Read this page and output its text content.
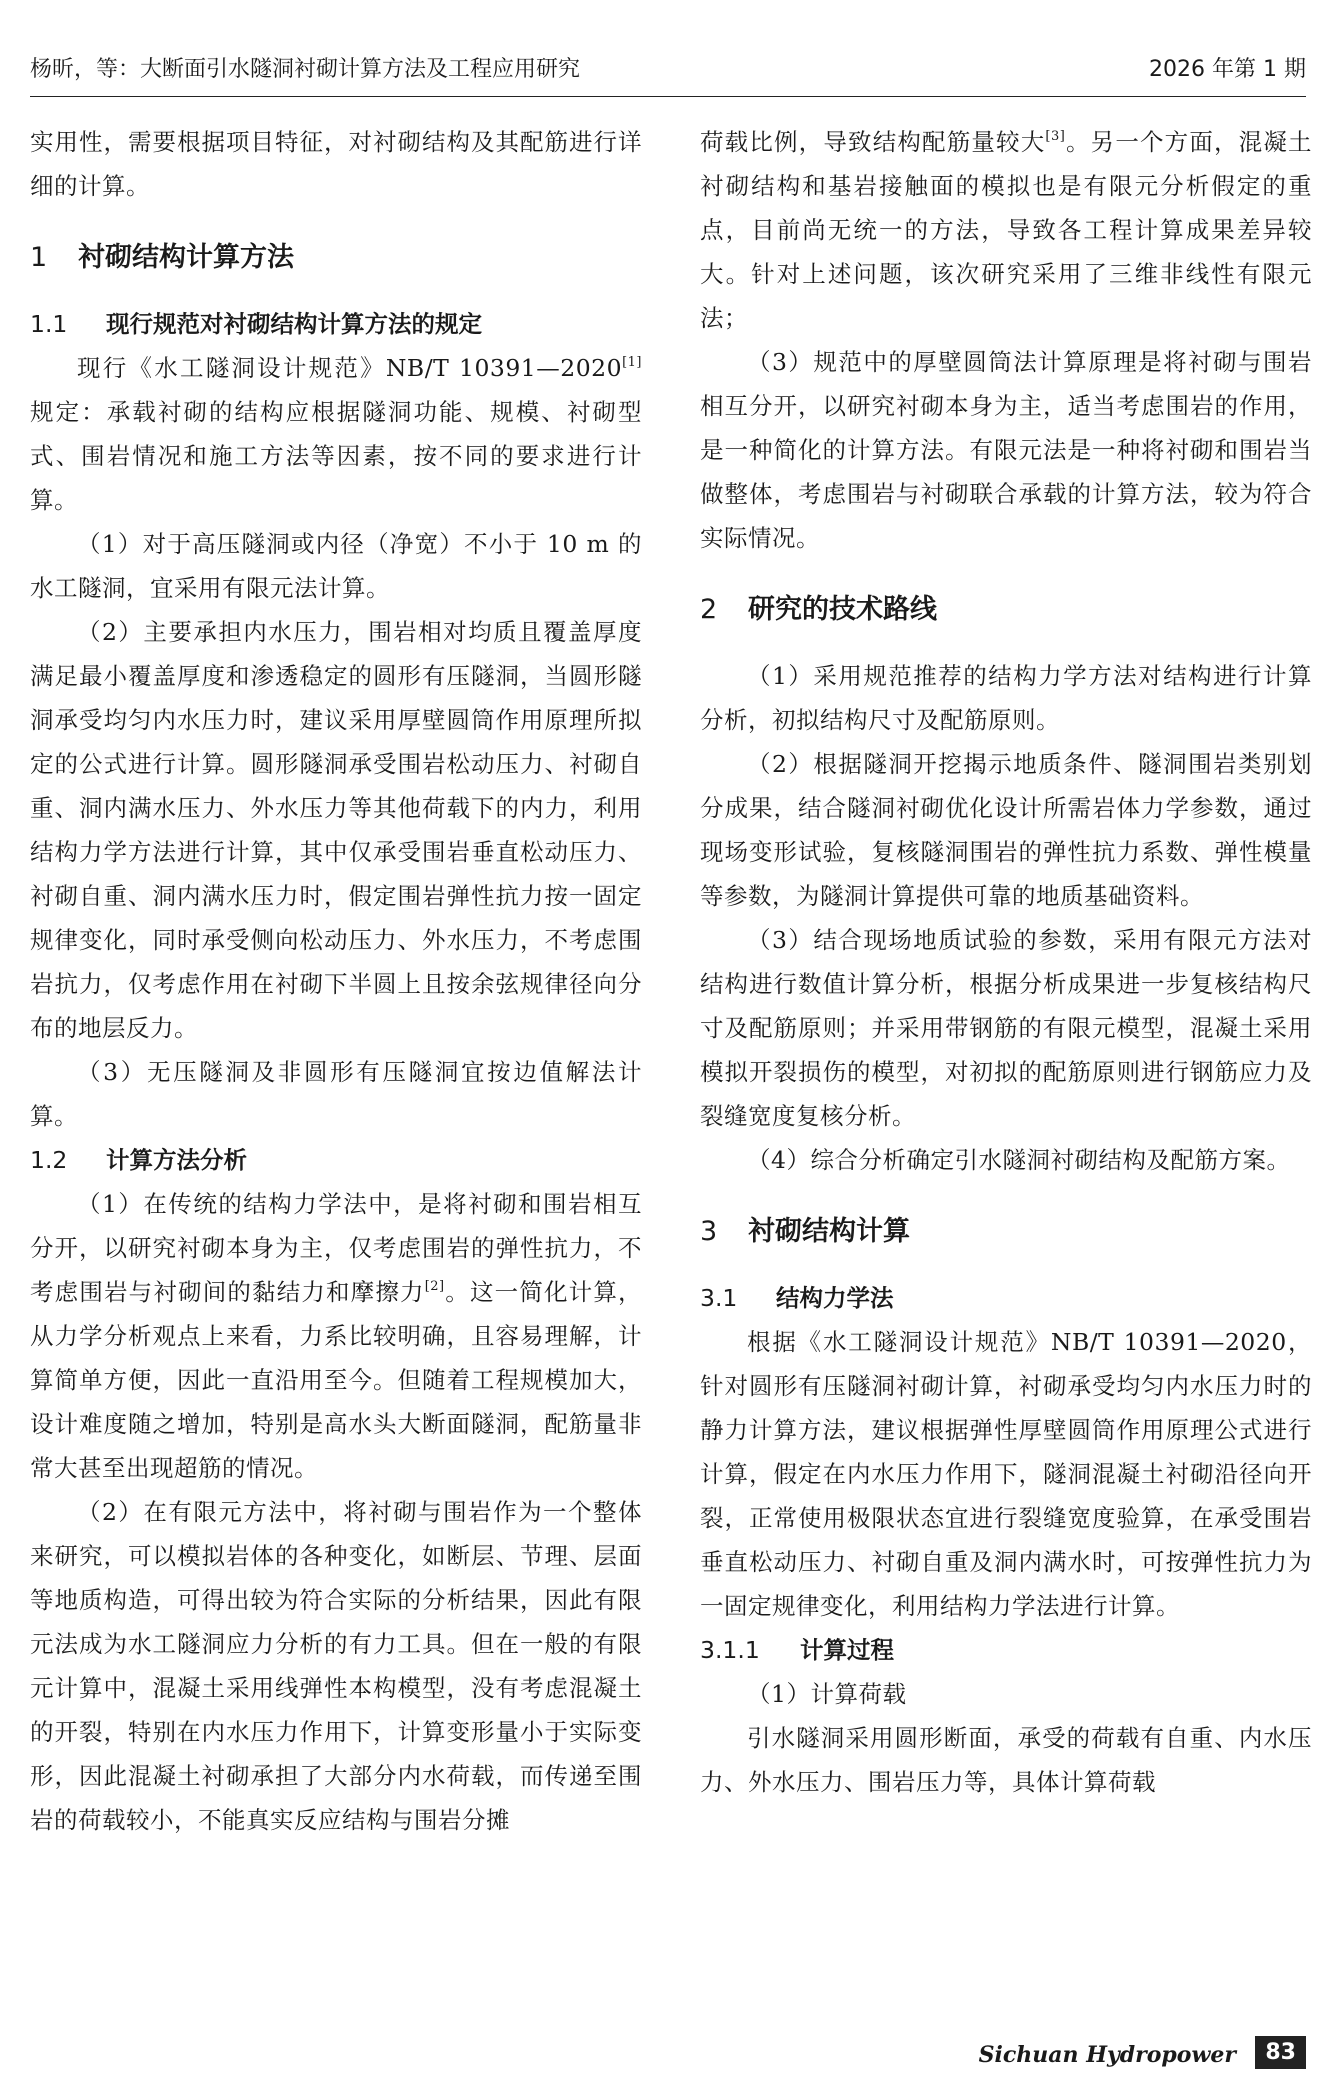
杨昕，等：大断面引水隧洞衬砌计算方法及工程应用研究	2026 年第 1 期

实用性，需要根据项目特征，对衬砌结构及其配筋进行详细的计算。

1 衬砌结构计算方法
1.1 现行规范对衬砌结构计算方法的规定

现行《水工隧洞设计规范》NB/T 10391—2020[1]规定：承载衬砌的结构应根据隧洞功能、规模、衬砌型式、围岩情况和施工方法等因素，按不同的要求进行计算。

（1）对于高压隧洞或内径（净宽）不小于 10 m 的水工隧洞，宜采用有限元法计算。

（2）主要承担内水压力，围岩相对均质且覆盖厚度满足最小覆盖厚度和渗透稳定的圆形有压隧洞，当圆形隧洞承受均匀内水压力时，建议采用厚壁圆筒作用原理所拟定的公式进行计算。圆形隧洞承受围岩松动压力、衬砌自重、洞内满水压力、外水压力等其他荷载下的内力，利用结构力学方法进行计算，其中仅承受围岩垂直松动压力、衬砌自重、洞内满水压力时，假定围岩弹性抗力按一固定规律变化，同时承受侧向松动压力、外水压力，不考虑围岩抗力，仅考虑作用在衬砌下半圆上且按余弦规律径向分布的地层反力。

（3）无压隧洞及非圆形有压隧洞宜按边值解法计算。

1.2 计算方法分析

（1）在传统的结构力学法中，是将衬砌和围岩相互分开，以研究衬砌本身为主，仅考虑围岩的弹性抗力，不考虑围岩与衬砌间的黏结力和摩擦力[2]。这一简化计算，从力学分析观点上来看，力系比较明确，且容易理解，计算简单方便，因此一直沿用至今。但随着工程规模加大，设计难度随之增加，特别是高水头大断面隧洞，配筋量非常大甚至出现超筋的情况。

（2）在有限元方法中，将衬砌与围岩作为一个整体来研究，可以模拟岩体的各种变化，如断层、节理、层面等地质构造，可得出较为符合实际的分析结果，因此有限元法成为水工隧洞应力分析的有力工具。但在一般的有限元计算中，混凝土采用线弹性本构模型，没有考虑混凝土的开裂，特别在内水压力作用下，计算变形量小于实际变形，因此混凝土衬砌承担了大部分内水荷载，而传递至围岩的荷载较小，不能真实反应结构与围岩分摊

荷载比例，导致结构配筋量较大[3]。另一个方面，混凝土衬砌结构和基岩接触面的模拟也是有限元分析假定的重点，目前尚无统一的方法，导致各工程计算成果差异较大。针对上述问题，该次研究采用了三维非线性有限元法；

（3）规范中的厚壁圆筒法计算原理是将衬砌与围岩相互分开，以研究衬砌本身为主，适当考虑围岩的作用，是一种简化的计算方法。有限元法是一种将衬砌和围岩当做整体，考虑围岩与衬砌联合承载的计算方法，较为符合实际情况。

2 研究的技术路线

（1）采用规范推荐的结构力学方法对结构进行计算分析，初拟结构尺寸及配筋原则。

（2）根据隧洞开挖揭示地质条件、隧洞围岩类别划分成果，结合隧洞衬砌优化设计所需岩体力学参数，通过现场变形试验，复核隧洞围岩的弹性抗力系数、弹性模量等参数，为隧洞计算提供可靠的地质基础资料。

（3）结合现场地质试验的参数，采用有限元方法对结构进行数值计算分析，根据分析成果进一步复核结构尺寸及配筋原则；并采用带钢筋的有限元模型，混凝土采用模拟开裂损伤的模型，对初拟的配筋原则进行钢筋应力及裂缝宽度复核分析。

（4）综合分析确定引水隧洞衬砌结构及配筋方案。

3 衬砌结构计算
3.1 结构力学法

根据《水工隧洞设计规范》NB/T 10391—2020，针对圆形有压隧洞衬砌计算，衬砌承受均匀内水压力时的静力计算方法，建议根据弹性厚壁圆筒作用原理公式进行计算，假定在内水压力作用下，隧洞混凝土衬砌沿径向开裂，正常使用极限状态宜进行裂缝宽度验算，在承受围岩垂直松动压力、衬砌自重及洞内满水时，可按弹性抗力为一固定规律变化，利用结构力学法进行计算。

3.1.1 计算过程

（1）计算荷载

引水隧洞采用圆形断面，承受的荷载有自重、内水压力、外水压力、围岩压力等，具体计算荷载

Sichuan Hydropower	83
